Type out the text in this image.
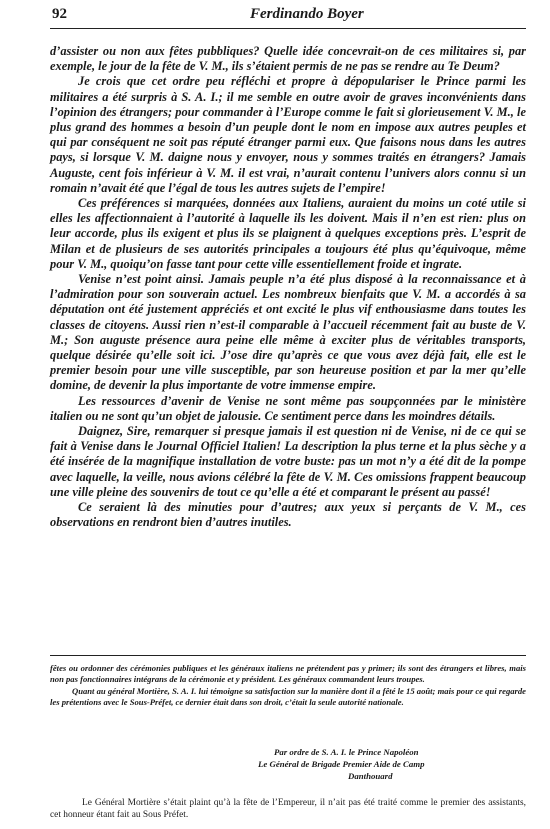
92	Ferdinando Boyer

d’assister ou non aux fêtes pubbliques? Quelle idée concevrait-on de ces militaires si, par exemple, le jour de la fête de V. M., ils s’étaient permis de ne pas se rendre au Te Deum?

Je crois que cet ordre peu réfléchi et propre à dépopulariser le Prince parmi les militaires a été surpris à S. A. I.; il me semble en outre avoir de graves inconvénients dans l’opinion des étrangers; pour commander à l’Europe comme le fait si glorieusement V. M., le plus grand des hommes a besoin d’un peuple dont le nom en impose aux autres peuples et qui par conséquent ne soit pas réputé étranger parmi eux. Que faisons nous dans les autres pays, si lorsque V. M. daigne nous y envoyer, nous y sommes traités en étrangers? Jamais Auguste, cent fois inférieur à V. M. il est vrai, n’aurait contenu l’univers alors connu si un romain n’avait été que l’égal de tous les autres sujets de l’empire!

Ces préférences si marquées, données aux Italiens, auraient du moins un coté utile si elles les affectionnaient à l’autorité à laquelle ils les doivent. Mais il n’en est rien: plus on leur accorde, plus ils exigent et plus ils se plaignent à quelques exceptions près. L’esprit de Milan et de plusieurs de ses autorités principales a toujours été plus qu’équivoque, même pour V. M., quoiqu’on fasse tant pour cette ville essentiellement froide et ingrate.

Venise n’est point ainsi. Jamais peuple n’a été plus disposé à la reconnaissance et à l’admiration pour son souverain actuel. Les nombreux bienfaits que V. M. a accordés à sa députation ont été justement appréciés et ont excité le plus vif enthousiasme dans toutes les classes de citoyens. Aussi rien n’est-il comparable à l’accueil récemment fait au buste de V. M.; Son auguste présence aura peine elle même à exciter plus de véritables transports, quelque désirée qu’elle soit ici. J’ose dire qu’après ce que vous avez déjà fait, elle est le premier besoin pour une ville susceptible, par son heureuse position et par la mer qu’elle domine, de devenir la plus importante de votre immense empire.

Les ressources d’avenir de Venise ne sont même pas soupçonnées par le ministère italien ou ne sont qu’un objet de jalousie. Ce sentiment perce dans les moindres détails.

Daignez, Sire, remarquer si presque jamais il est question ni de Venise, ni de ce qui se fait à Venise dans le Journal Officiel Italien! La description la plus terne et la plus sèche y a été insérée de la magnifique installation de votre buste: pas un mot n’y a été dit de la pompe avec laquelle, la veille, nous avions célébré la fête de V. M. Ces omissions frappent beaucoup une ville pleine des souvenirs de tout ce qu’elle a été et comparant le présent au passé!

Ce seraient là des minuties pour d’autres; aux yeux si perçants de V. M., ces observations en rendront bien d’autres inutiles.

fêtes ou ordonner des cérémonies publiques et les généraux italiens ne prétendent pas y primer; ils sont des étrangers et libres, mais non pas fonctionnaires intégrans de la cérémonie et y président. Les généraux commandent leurs troupes.

Quant au général Mortière, S. A. I. lui témoigne sa satisfaction sur la manière dont il a fêté le 15 août; mais pour ce qui regarde les prétentions avec le Sous-Préfet, ce dernier était dans son droit, c’était la seule autorité nationale.

Par ordre de S. A. I. le Prince Napoléon
Le Général de Brigade Premier Aide de Camp
Danthouard
Le Général Mortière s’était plaint qu’à la fête de l’Empereur, il n’ait pas été traité comme le premier des assistants, cet honneur étant fait au Sous Préfet.
